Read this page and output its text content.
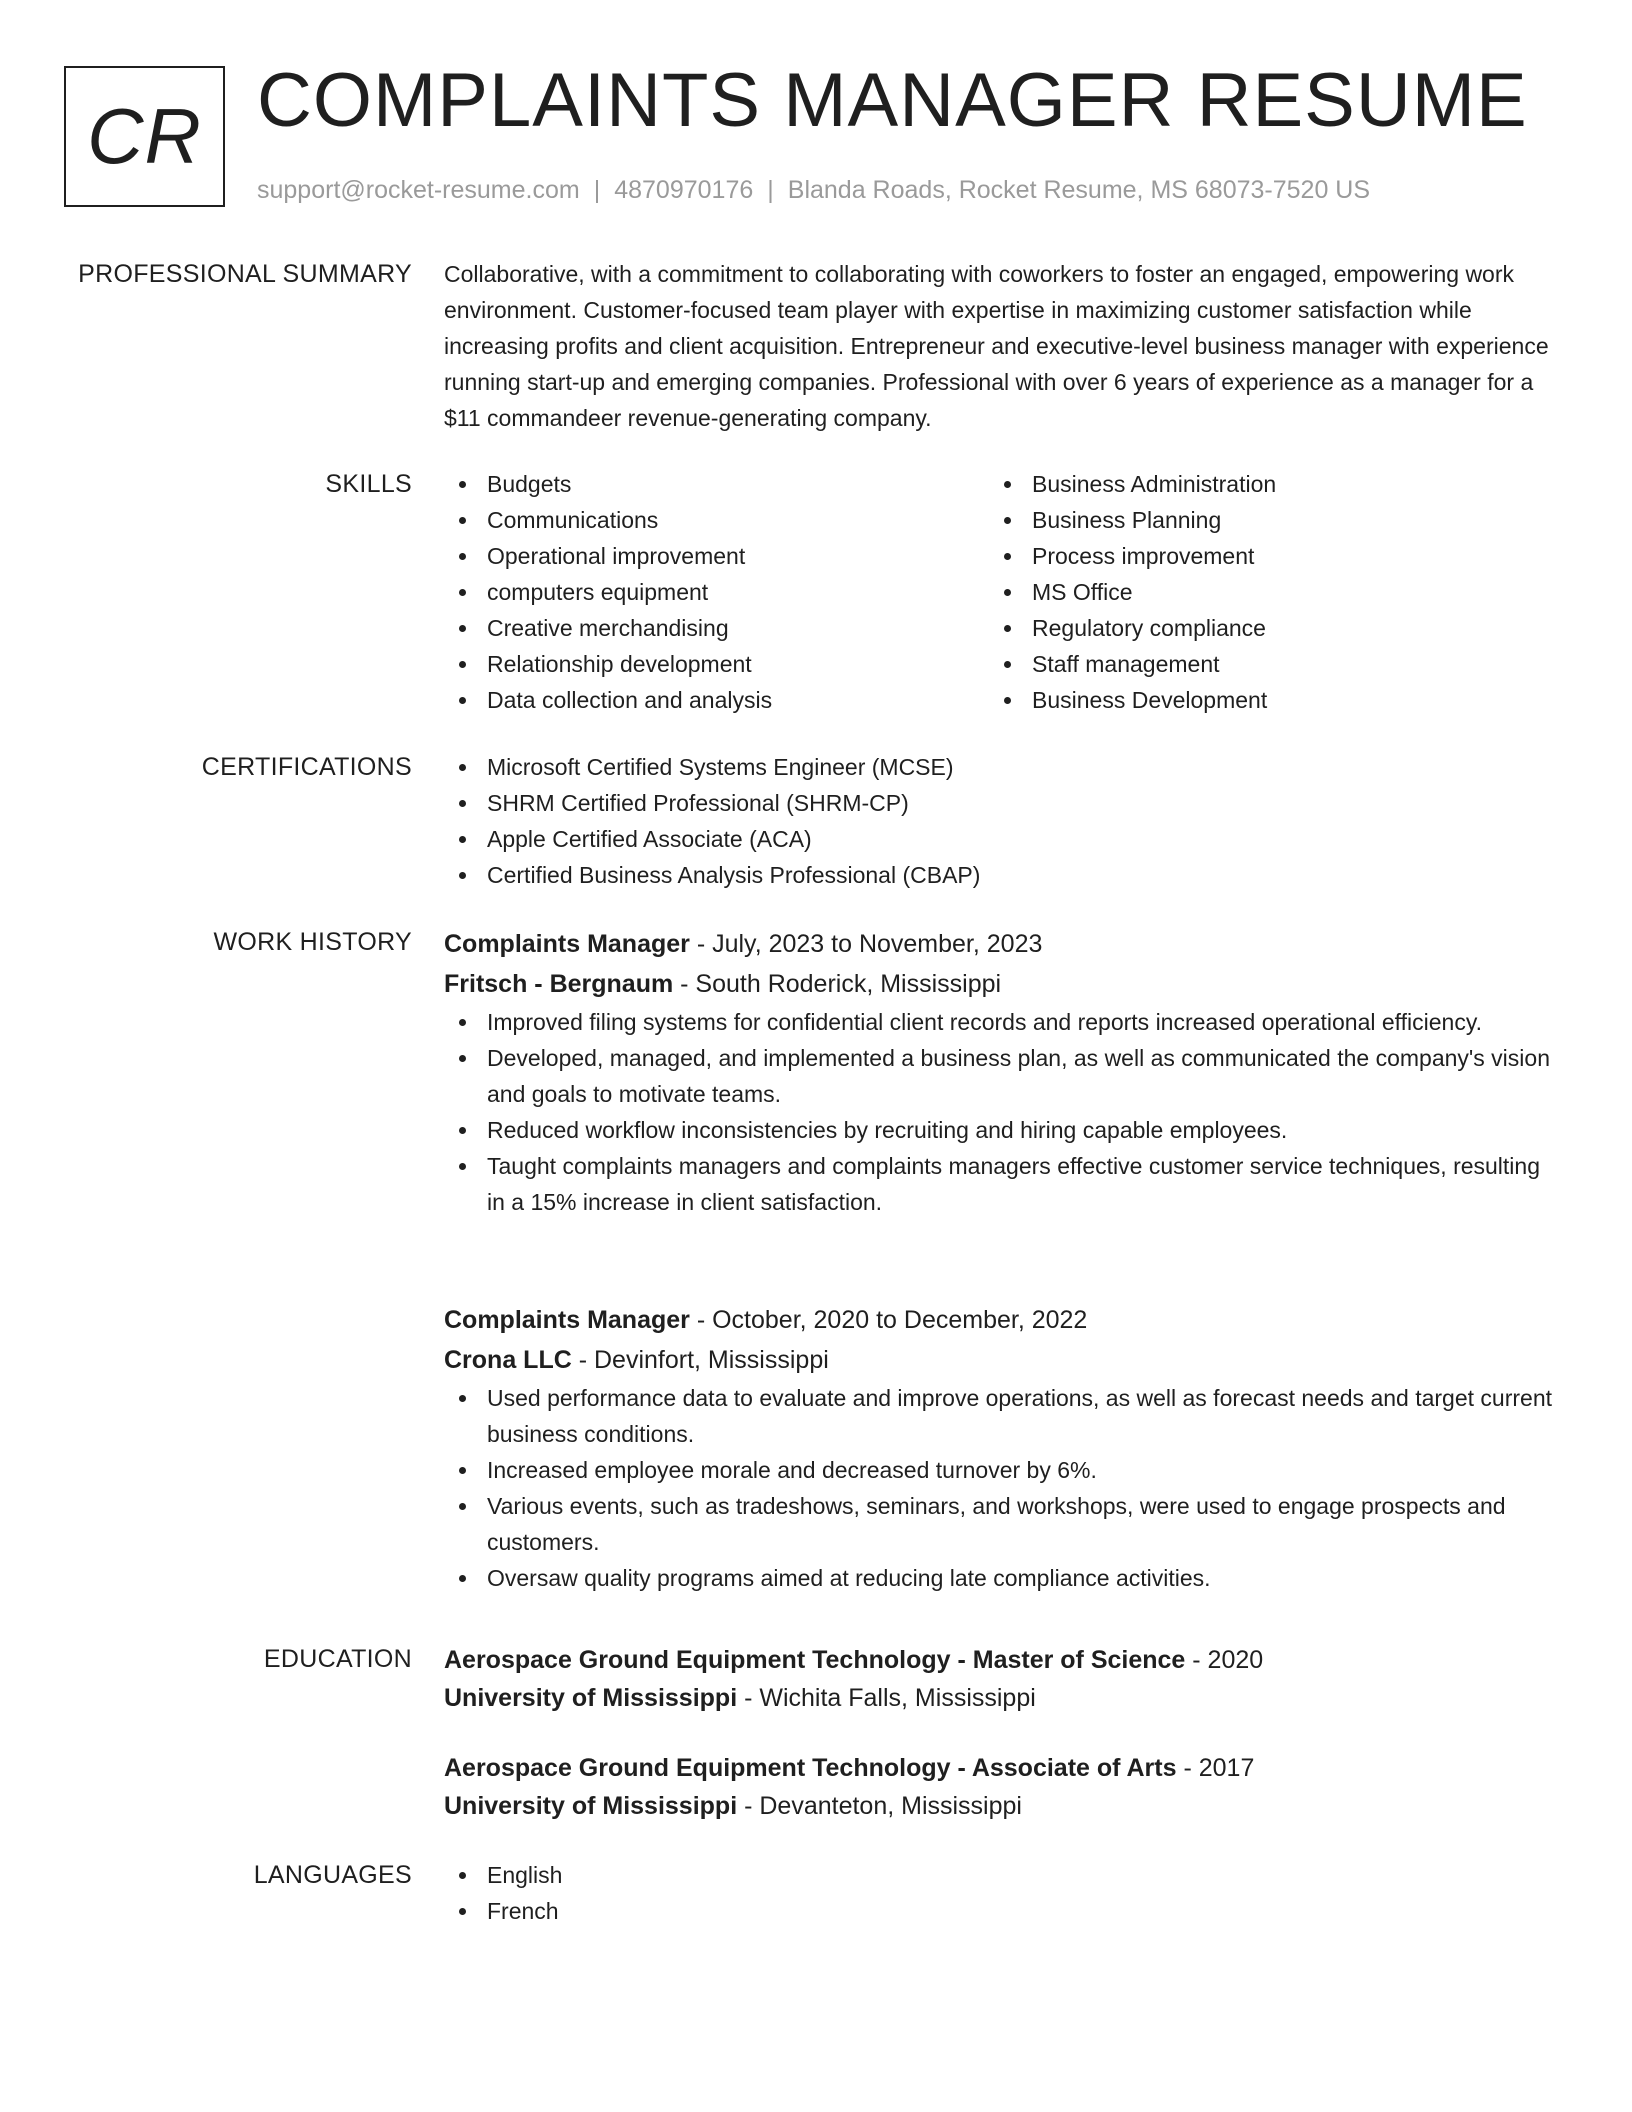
CR COMPLAINTS MANAGER RESUME
support@rocket-resume.com | 4870970176 | Blanda Roads, Rocket Resume, MS 68073-7520 US
PROFESSIONAL SUMMARY Collaborative, with a commitment to collaborating with coworkers to foster an engaged, empowering work environment. Customer-focused team player with expertise in maximizing customer satisfaction while increasing profits and client acquisition. Entrepreneur and executive-level business manager with experience running start-up and emerging companies. Professional with over 6 years of experience as a manager for a $11 commandeer revenue-generating company.

SKILLS	Budgets
Communications
Operational improvement
computers equipment
Creative merchandising
Relationship development
Data collection and analysis
Business Administration
Business Planning
Process improvement
MS Office
Regulatory compliance
Staff management
Business Development
CERTIFICATIONS	Microsoft Certified Systems Engineer (MCSE)
SHRM Certified Professional (SHRM-CP)
Apple Certified Associate (ACA)
Certified Business Analysis Professional (CBAP)
WORK HISTORY Complaints Manager - July, 2023 to November, 2023
Fritsch - Bergnaum - South Roderick, Mississippi
Improved filing systems for confidential client records and reports increased operational efficiency.
Developed, managed, and implemented a business plan, as well as communicated the company's vision and goals to motivate teams.
Reduced workflow inconsistencies by recruiting and hiring capable employees.
Taught complaints managers and complaints managers effective customer service techniques, resulting in a 15% increase in client satisfaction.
Complaints Manager - October, 2020 to December, 2022
Crona LLC - Devinfort, Mississippi
Used performance data to evaluate and improve operations, as well as forecast needs and target current business conditions.
Increased employee morale and decreased turnover by 6%.
Various events, such as tradeshows, seminars, and workshops, were used to engage prospects and customers.
Oversaw quality programs aimed at reducing late compliance activities.
EDUCATION Aerospace Ground Equipment Technology - Master of Science - 2020
University of Mississippi - Wichita Falls, Mississippi
Aerospace Ground Equipment Technology - Associate of Arts - 2017
University of Mississippi - Devanteton, Mississippi
LANGUAGES	English
French
